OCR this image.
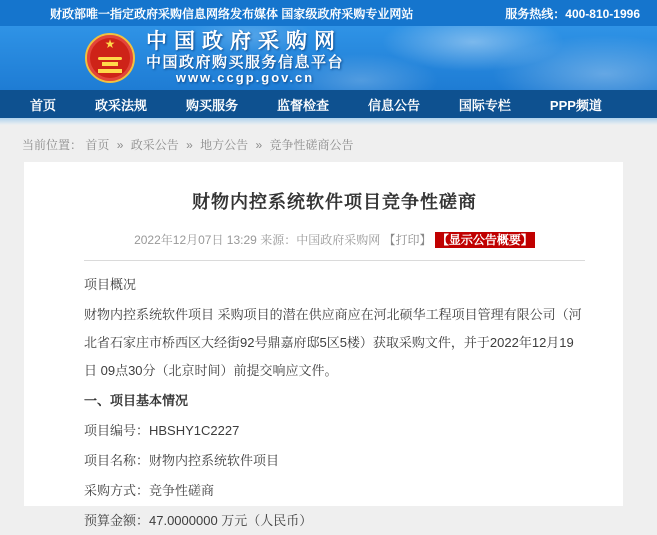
财政部唯一指定政府采购信息网络发布媒体 国家级政府采购专业网站	服务热线：400-810-1996
★ 中国政府采购网
中国政府购买服务信息平台
www.ccgp.gov.cn
首页	政采法规	购买服务	监督检查	信息公告	国际专栏	PPP频道
当前位置： 首页 » 政采公告 » 地方公告 » 竞争性磋商公告
财物内控系统软件项目竞争性磋商
2022年12月07日 13:29 来源：中国政府采购网 【打印】 【显示公告概要】

项目概况

财物内控系统软件项目 采购项目的潜在供应商应在河北硕华工程项目管理有限公司（河北省石家庄市桥西区大经街92号鼎嘉府邸5区5楼）获取采购文件，并于2022年12月19日 09点30分（北京时间）前提交响应文件。

一、项目基本情况

项目编号：HBSHY1C2227

项目名称：财物内控系统软件项目

采购方式：竞争性磋商

预算金额：47.0000000 万元（人民币）
